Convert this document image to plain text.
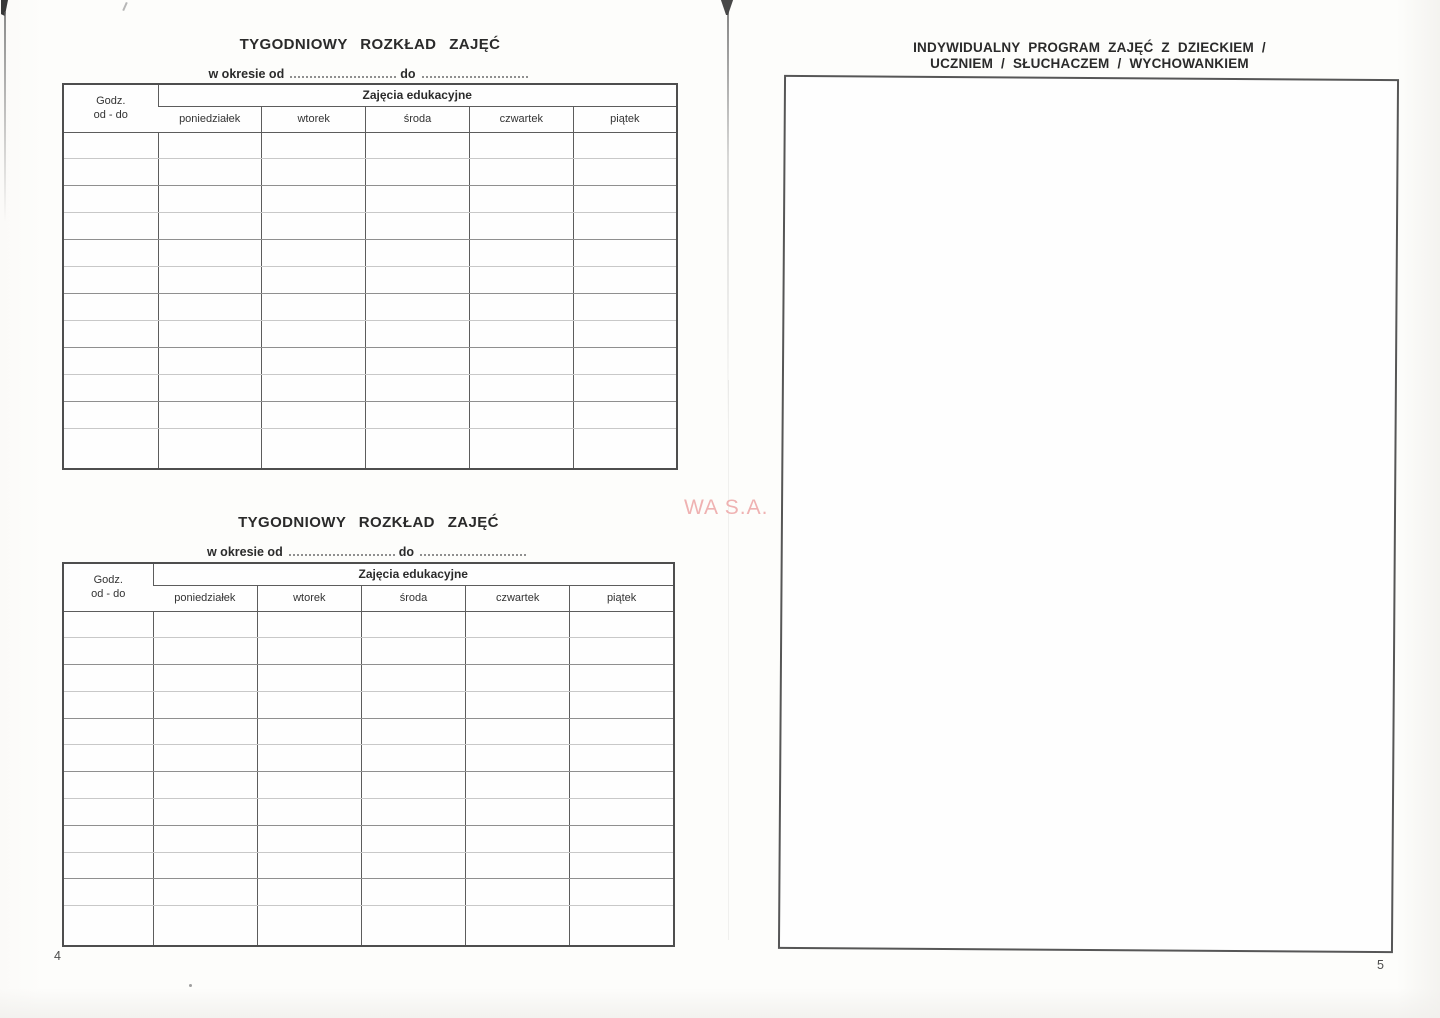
TYGODNIOWY ROZKŁAD ZAJĘĆ
w okresie od	do
Godz.
od - do	Zajęcia edukacyjne				
	poniedziałek	wtorek	środa	czwartek	piątek

TYGODNIOWY ROZKŁAD ZAJĘĆ
w okresie od	do
Godz.
od - do	Zajęcia edukacyjne				
	poniedziałek	wtorek	środa	czwartek	piątek

WA S.A.
INDYWIDUALNY PROGRAM ZAJĘĆ Z DZIECKIEM /
UCZNIEM / SŁUCHACZEM / WYCHOWANKIEM
4
5
